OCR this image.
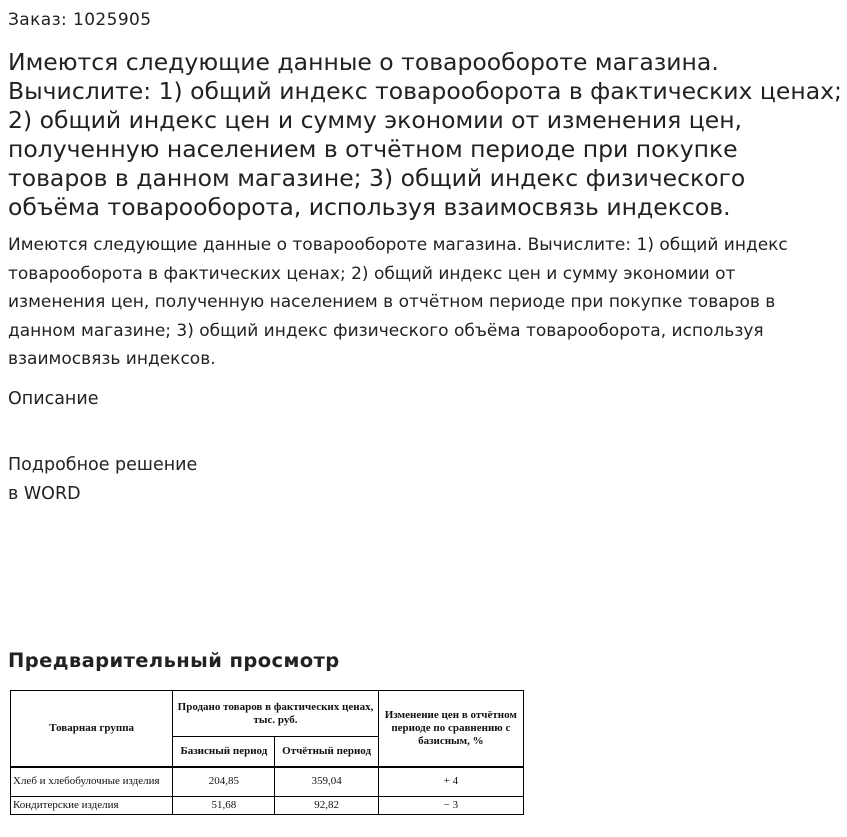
Заказ: 1025905
Имеются следующие данные о товарообороте магазина. Вычислите: 1) общий индекс товарооборота в фактических ценах; 2) общий индекс цен и сумму экономии от изменения цен, полученную населением в отчётном периоде при покупке товаров в данном магазине; 3) общий индекс физического объёма товарооборота, используя взаимосвязь индексов.

Имеются следующие данные о товарообороте магазина. Вычислите: 1) общий индекс товарооборота в фактических ценах; 2) общий индекс цен и сумму экономии от изменения цен, полученную населением в отчётном периоде при покупке товаров в данном магазине; 3) общий индекс физического объёма товарооборота, используя взаимосвязь индексов.

Описание
Подробное решение
в WORD
Предварительный просмотр
Товарная группа	Продано товаров в фактических ценах, тыс. руб.		Изменение цен в отчётном периоде по сравнению с базисным, %
	Базисный период	Отчётный период	
Хлеб и хлебобулочные изделия	204,85	359,04	+ 4
Кондитерские изделия	51,68	92,82	− 3
